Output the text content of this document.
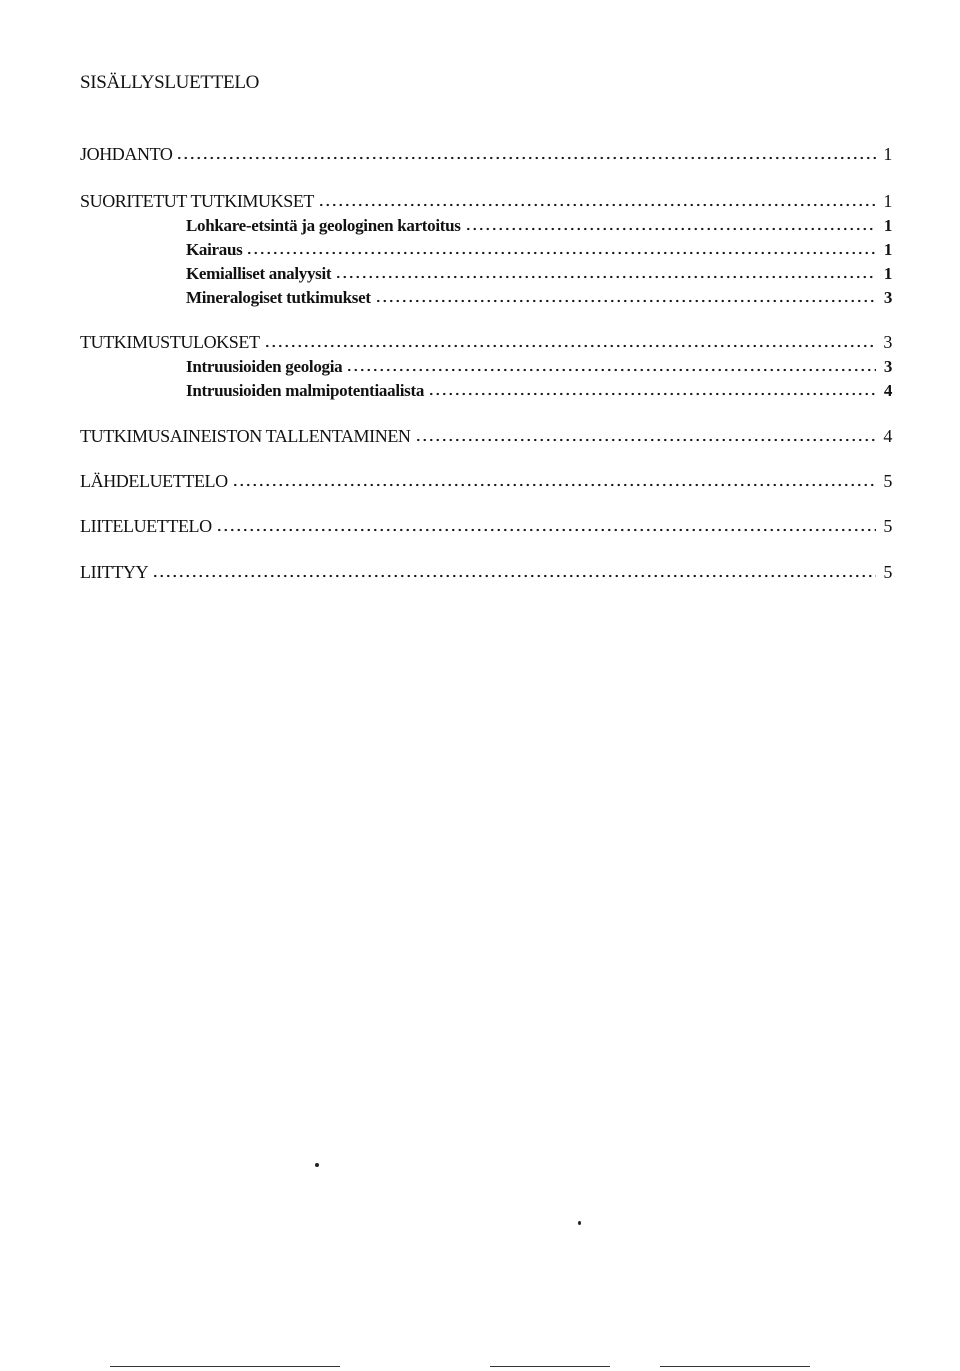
SISÄLLYSLUETTELO
JOHDANTO	1
SUORITETUT TUTKIMUKSET	1
Lohkare-etsintä ja geologinen kartoitus	1
Kairaus	1
Kemialliset analyysit	1
Mineralogiset tutkimukset	3
TUTKIMUSTULOKSET	3
Intruusioiden geologia	3
Intruusioiden malmipotentiaalista	4
TUTKIMUSAINEISTON TALLENTAMINEN	4
LÄHDELUETTELO	5
LIITELUETTELO	5
LIITTYY	5
